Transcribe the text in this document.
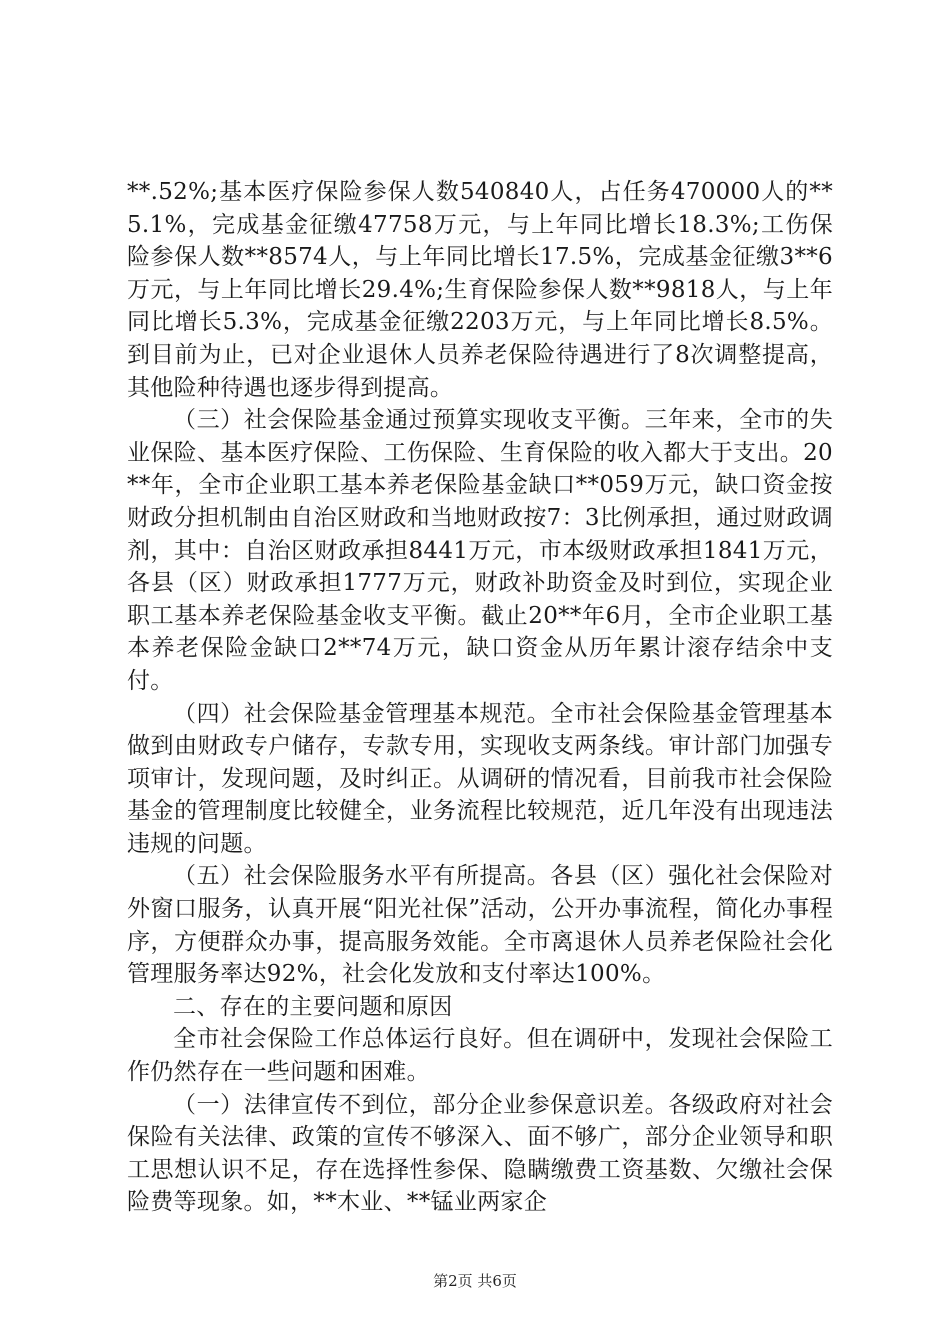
**.52%;基本医疗保险参保人数540840人，占任务470000人的**5.1%，完成基金征缴47758万元，与上年同比增长18.3%;工伤保险参保人数**8574人，与上年同比增长17.5%，完成基金征缴3**6万元，与上年同比增长29.4%;生育保险参保人数**9818人，与上年同比增长5.3%，完成基金征缴2203万元，与上年同比增长8.5%。到目前为止，已对企业退休人员养老保险待遇进行了8次调整提高，其他险种待遇也逐步得到提高。

（三）社会保险基金通过预算实现收支平衡。三年来，全市的失业保险、基本医疗保险、工伤保险、生育保险的收入都大于支出。20**年，全市企业职工基本养老保险基金缺口**059万元，缺口资金按财政分担机制由自治区财政和当地财政按7：3比例承担，通过财政调剂，其中：自治区财政承担8441万元，市本级财政承担1841万元，各县（区）财政承担1777万元，财政补助资金及时到位，实现企业职工基本养老保险基金收支平衡。截止20**年6月，全市企业职工基本养老保险金缺口2**74万元，缺口资金从历年累计滚存结余中支付。

（四）社会保险基金管理基本规范。全市社会保险基金管理基本做到由财政专户储存，专款专用，实现收支两条线。审计部门加强专项审计，发现问题，及时纠正。从调研的情况看，目前我市社会保险基金的管理制度比较健全，业务流程比较规范，近几年没有出现违法违规的问题。

（五）社会保险服务水平有所提高。各县（区）强化社会保险对外窗口服务，认真开展“阳光社保”活动，公开办事流程，简化办事程序，方便群众办事，提高服务效能。全市离退休人员养老保险社会化管理服务率达92%，社会化发放和支付率达100%。

二、存在的主要问题和原因

全市社会保险工作总体运行良好。但在调研中，发现社会保险工作仍然存在一些问题和困难。

（一）法律宣传不到位，部分企业参保意识差。各级政府对社会保险有关法律、政策的宣传不够深入、面不够广，部分企业领导和职工思想认识不足，存在选择性参保、隐瞒缴费工资基数、欠缴社会保险费等现象。如，**木业、**锰业两家企

第2页 共6页
